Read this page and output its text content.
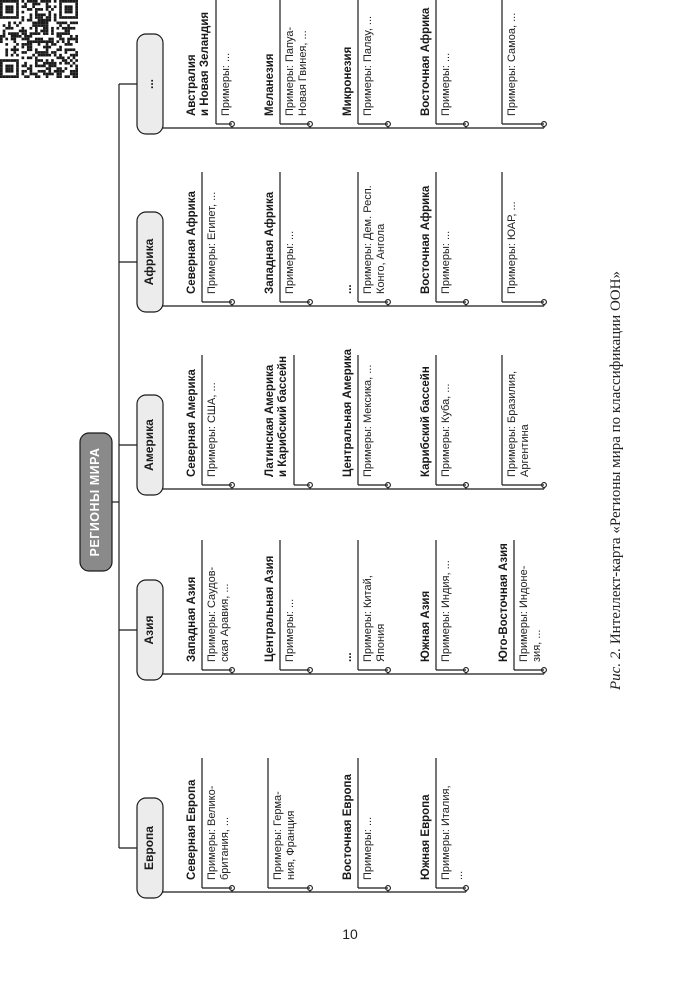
РЕГИОНЫ МИРА
Европа	Северная Европа Примеры: Велико-
британия, ...	Примеры: Герма-
ния, Франция	Восточная Европа Примеры: ...	Южная Европа Примеры: Италия,
...
Азия	Западная Азия Примеры: Саудов-
ская Аравия, ...	Центральная Азия Примеры: ...	... Примеры: Китай,
Япония	Южная Азия Примеры: Индия, ...	Юго-Восточная Азия Примеры: Индоне-
зия, ...
Америка	Северная Америка Примеры: США, ...	Латинская Америка
и Карибский бассейн	Центральная Америка Примеры: Мексика, ...	Карибский бассейн Примеры: Куба, ...	Примеры: Бразилия,
Аргентина
Африка	Северная Африка Примеры: Египет, ...	Западная Африка Примеры: ...	... Примеры: Дем. Респ.
Конго, Ангола	Восточная Африка Примеры: ...	Примеры: ЮАР, ...
...	Австралия
и Новая Зеландия Примеры: ...	Меланезия Примеры: Папуа-
Новая Гвинея, ...	Микронезия Примеры: Палау, ...	Восточная Африка Примеры: ...	Примеры: Самоа, ...
Рис. 2. Интеллект-карта «Регионы мира по классификации ООН»
10
